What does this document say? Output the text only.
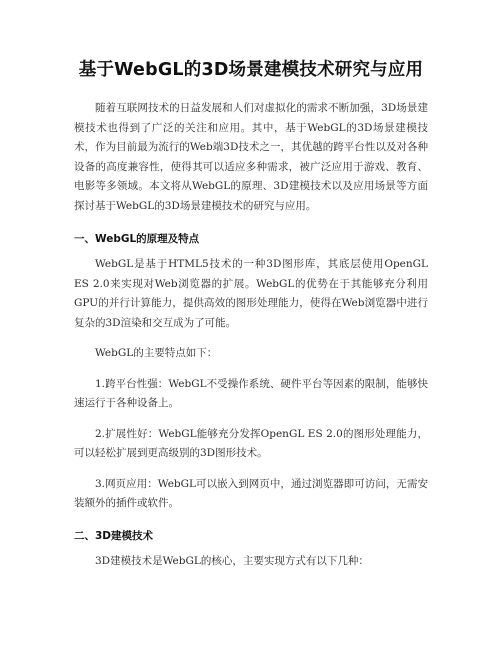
基于WebGL的3D场景建模技术研究与应用

随着互联网技术的日益发展和人们对虚拟化的需求不断加强，3D场景建模技术也得到了广泛的关注和应用。其中，基于WebGL的3D场景建模技术，作为目前最为流行的Web端3D技术之一，其优越的跨平台性以及对各种设备的高度兼容性，使得其可以适应多种需求，被广泛应用于游戏、教育、电影等多领域。本文将从WebGL的原理、3D建模技术以及应用场景等方面探讨基于WebGL的3D场景建模技术的研究与应用。

一、WebGL的原理及特点

WebGL是基于HTML5技术的一种3D图形库，其底层使用OpenGL ES 2.0来实现对Web浏览器的扩展。WebGL的优势在于其能够充分利用GPU的并行计算能力，提供高效的图形处理能力，使得在Web浏览器中进行复杂的3D渲染和交互成为了可能。

WebGL的主要特点如下：

1.跨平台性强：WebGL不受操作系统、硬件平台等因素的限制，能够快速运行于各种设备上。

2.扩展性好：WebGL能够充分发挥OpenGL ES 2.0的图形处理能力，可以轻松扩展到更高级别的3D图形技术。

3.网页应用：WebGL可以嵌入到网页中，通过浏览器即可访问，无需安装额外的插件或软件。

二、3D建模技术

3D建模技术是WebGL的核心，主要实现方式有以下几种：
